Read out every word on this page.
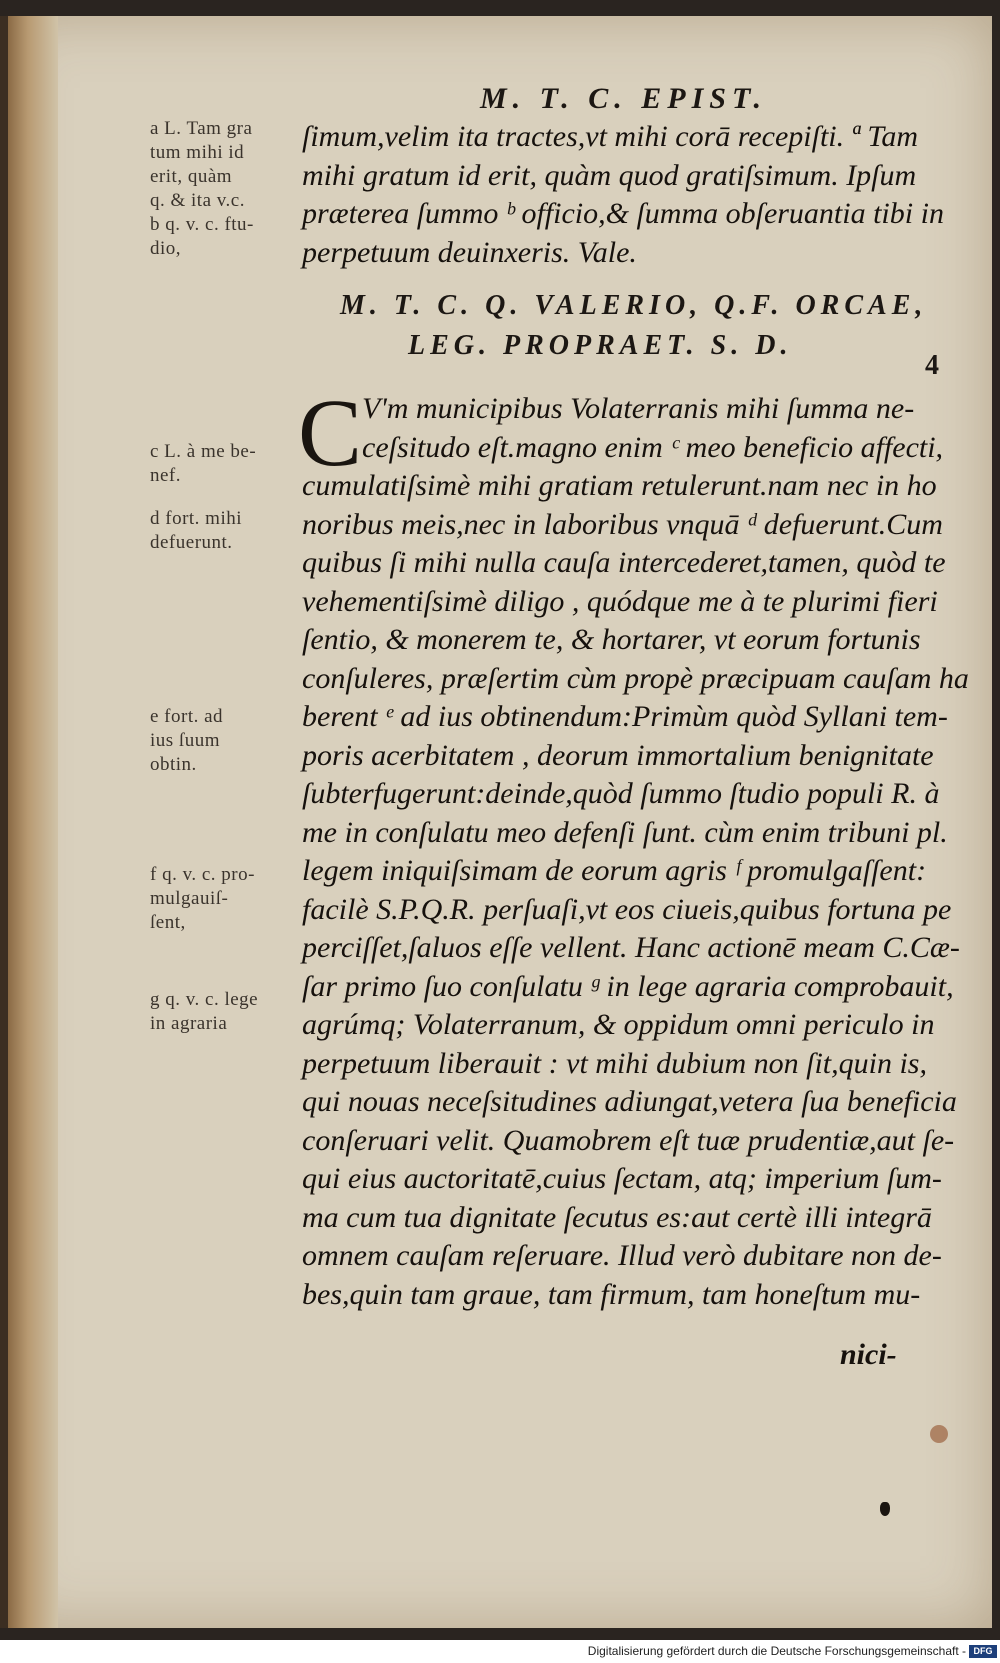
M. T. C. EPIST.
a L. Tam gra
tum mihi id
erit, quàm
q. & ita v.c.
b q. v. c. ftu-
dio,
ſimum,velim ita tractes,vt mihi corā recepiſti. ª Tam
mihi gratum id erit, quàm quod gratiſsimum. Ipſum
præterea ſummo ᵇ officio,& ſumma obſeruantia tibi in
perpetuum deuinxeris. Vale.
M. T. C. Q. VALERIO, Q.F. ORCAE,
LEG. PROPRAET. S. D.
4
C V'm municipibus Volaterranis mihi ſumma ne-
ceſsitudo eſt.magno enim ᶜ meo beneficio affecti,
cumulatiſsimè mihi gratiam retulerunt.nam nec in ho
noribus meis,nec in laboribus vnquā ᵈ defuerunt.Cum
quibus ſi mihi nulla cauſa intercederet,tamen, quòd te
vehementiſsimè diligo , quódque me à te plurimi fieri
ſentio, & monerem te, & hortarer, vt eorum fortunis
conſuleres, præſertim cùm propè præcipuam cauſam ha
berent ᵉ ad ius obtinendum:Primùm quòd Syllani tem-
poris acerbitatem , deorum immortalium benignitate
ſubterfugerunt:deinde,quòd ſummo ſtudio populi R. à
me in conſulatu meo defenſi ſunt. cùm enim tribuni pl.
legem iniquiſsimam de eorum agris ᶠ promulgaſſent:
facilè S.P.Q.R. perſuaſi,vt eos ciueis,quibus fortuna pe
perciſſet,ſaluos eſſe vellent. Hanc actionē meam C.Cæ-
ſar primo ſuo conſulatu ᵍ in lege agraria comprobauit,
agrúmq; Volaterranum, & oppidum omni periculo in
perpetuum liberauit : vt mihi dubium non ſit,quin is,
qui nouas neceſsitudines adiungat,vetera ſua beneficia
conſeruari velit. Quamobrem eſt tuæ prudentiæ,aut ſe-
qui eius auctoritatē,cuius ſectam, atq; imperium ſum-
ma cum tua dignitate ſecutus es:aut certè illi integrā
omnem cauſam reſeruare. Illud verò dubitare non de-
bes,quin tam graue, tam firmum, tam honeſtum mu-
nici-
c L. à me be-
nef.
d fort. mihi
defuerunt.
e fort. ad
ius ſuum
obtin.
f q. v. c. pro-
mulgauiſ-
ſent,
g q. v. c. lege
in agraria
Digitalisierung gefördert durch die Deutsche Forschungsgemeinschaft - DFG
